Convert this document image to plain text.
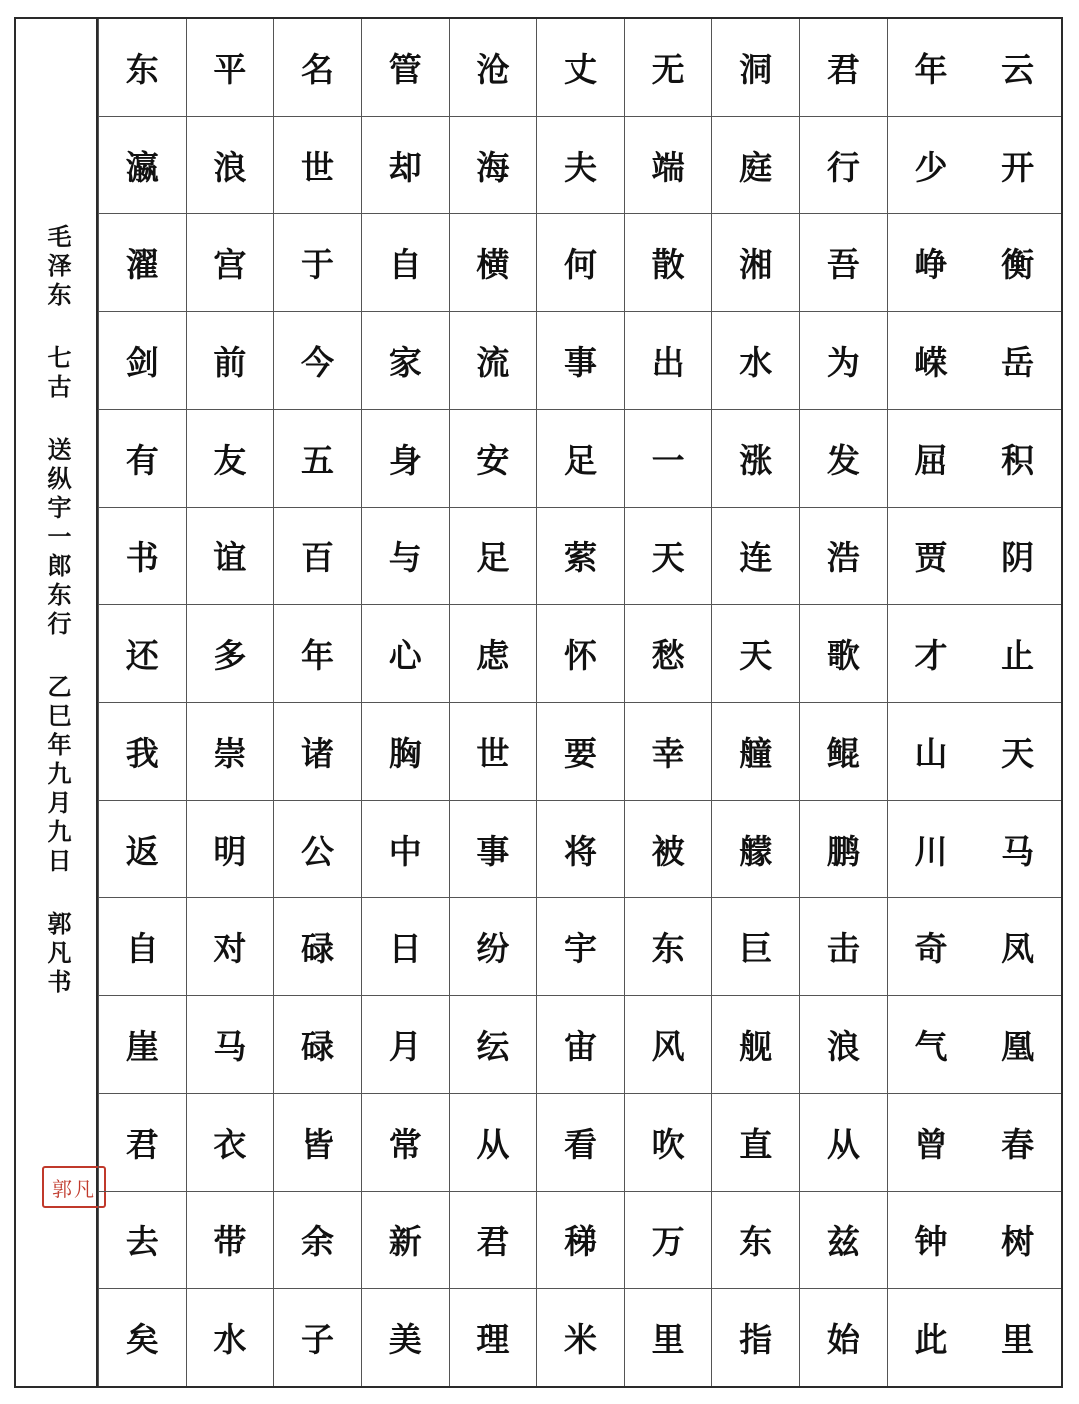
毛泽东 七古 送纵宇一郎东行 乙巳年九月九日 郭凡书
郭凡
云
开
衡
岳
积
阴
止
天
马
凤
凰
春
树
里
年
少
峥
嵘
屈
贾
才
山
川
奇
气
曾
钟
此
君
行
吾
为
发
浩
歌
鲲
鹏
击
浪
从
兹
始
洞
庭
湘
水
涨
连
天
艟
艨
巨
舰
直
东
指
无
端
散
出
一
天
愁
幸
被
东
风
吹
万
里
丈
夫
何
事
足
萦
怀
要
将
宇
宙
看
稊
米
沧
海
横
流
安
足
虑
世
事
纷
纭
从
君
理
管
却
自
家
身
与
心
胸
中
日
月
常
新
美
名
世
于
今
五
百
年
诸
公
碌
碌
皆
余
子
平
浪
宫
前
友
谊
多
崇
明
对
马
衣
带
水
东
瀛
濯
剑
有
书
还
我
返
自
崖
君
去
矣
